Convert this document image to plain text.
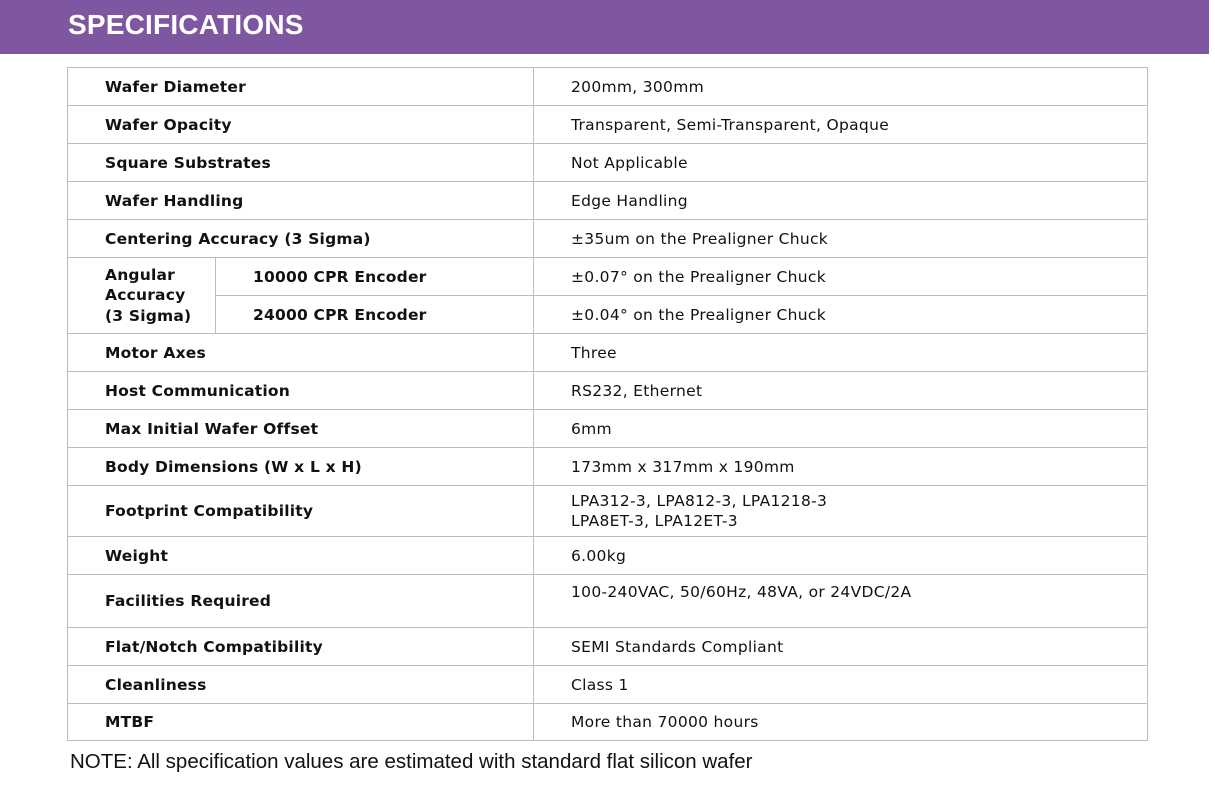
SPECIFICATIONS
Wafer Diameter		200mm, 300mm
Wafer Opacity		Transparent, Semi-Transparent, Opaque
Square Substrates		Not Applicable
Wafer Handling		Edge Handling
Centering Accuracy (3 Sigma)		±35um on the Prealigner Chuck

Angular
Accuracy
(3 Sigma)	10000 CPR Encoder	±0.07° on the Prealigner Chuck
	24000 CPR Encoder	±0.04° on the Prealigner Chuck
Motor Axes		Three
Host Communication		RS232, Ethernet
Max Initial Wafer Offset		6mm
Body Dimensions (W x L x H)		173mm x 317mm x 190mm
Footprint Compatibility		LPA312-3, LPA812-3, LPA1218-3
LPA8ET-3, LPA12ET-3

Weight		6.00kg
Facilities Required		100-240VAC, 50/60Hz, 48VA, or 24VDC/2A
Flat/Notch Compatibility		SEMI Standards Compliant
Cleanliness		Class 1
MTBF		More than 70000 hours
NOTE: All specification values are estimated with standard flat silicon wafer
